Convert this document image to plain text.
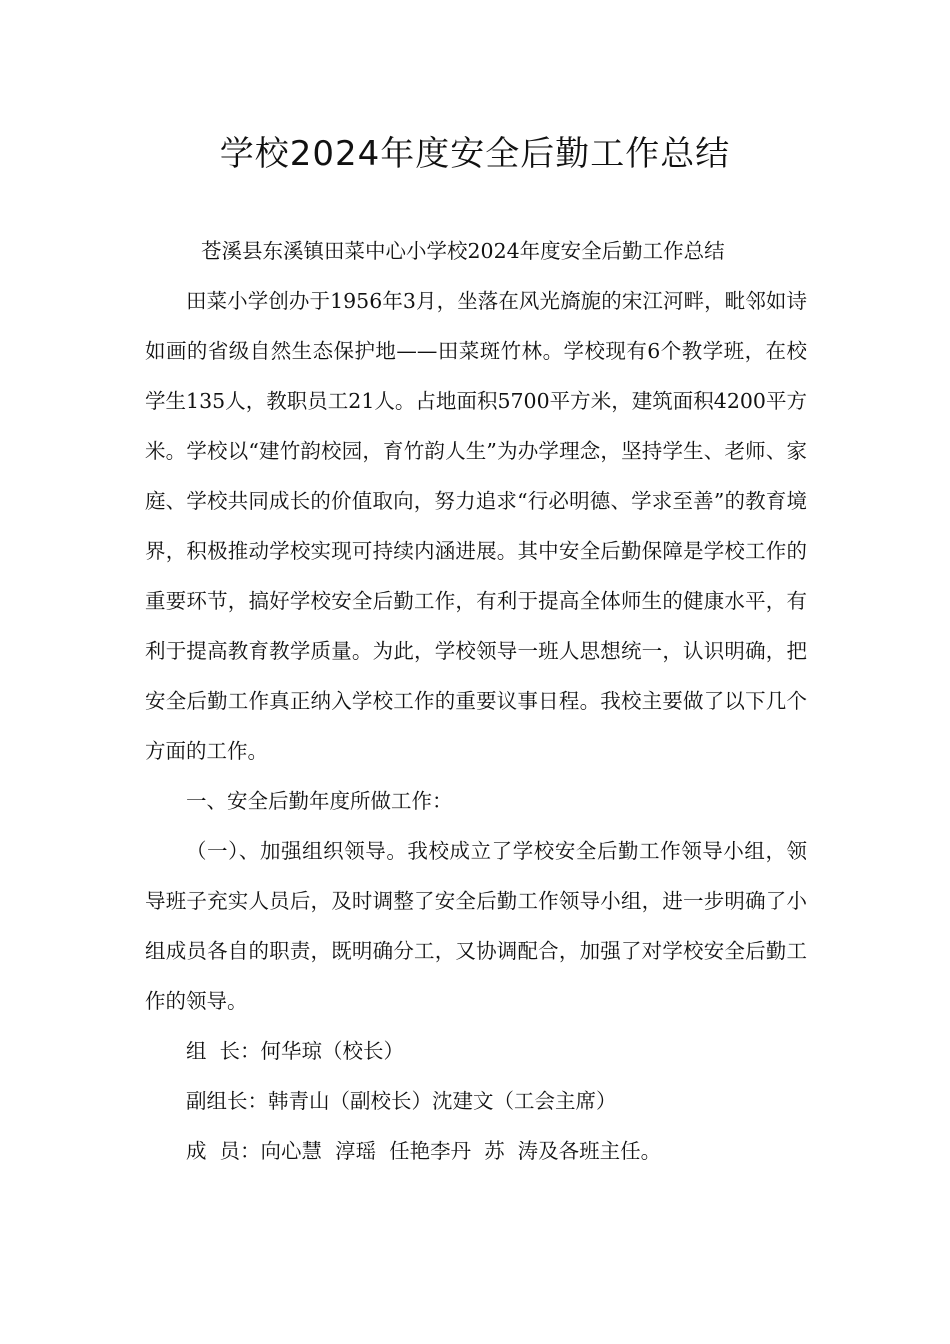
学校2024年度安全后勤工作总结

苍溪县东溪镇田菜中心小学校2024年度安全后勤工作总结

田菜小学创办于1956年3月，坐落在风光旖旎的宋江河畔，毗邻如诗如画的省级自然生态保护地——田菜斑竹林。学校现有6个教学班，在校学生135人，教职员工21人。占地面积5700平方米，建筑面积4200平方米。学校以“建竹韵校园，育竹韵人生”为办学理念，坚持学生、老师、家庭、学校共同成长的价值取向，努力追求“行必明德、学求至善”的教育境界，积极推动学校实现可持续内涵进展。其中安全后勤保障是学校工作的重要环节，搞好学校安全后勤工作，有利于提高全体师生的健康水平，有利于提高教育教学质量。为此，学校领导一班人思想统一，认识明确，把安全后勤工作真正纳入学校工作的重要议事日程。我校主要做了以下几个方面的工作。

一、安全后勤年度所做工作：

（一）、加强组织领导。我校成立了学校安全后勤工作领导小组，领导班子充实人员后，及时调整了安全后勤工作领导小组，进一步明确了小组成员各自的职责，既明确分工，又协调配合，加强了对学校安全后勤工作的领导。

组  长：何华琼（校长）

副组长：韩青山（副校长）沈建文（工会主席）

成  员：向心慧  淳瑶  任艳李丹  苏  涛及各班主任。
